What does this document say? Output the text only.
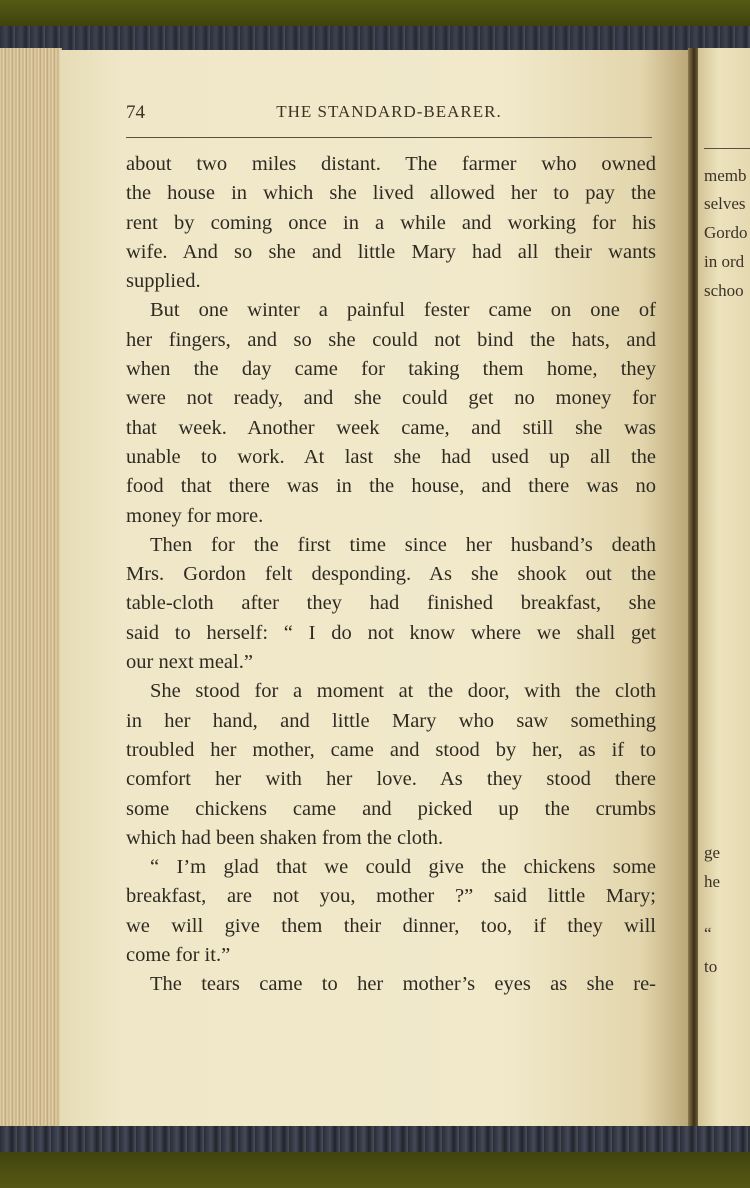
memb
selves
Gordo
in ord
schoo
ge
he
“
to
74	THE STANDARD-BEARER.

about two miles distant. The farmer who owned

the house in which she lived allowed her to pay the

rent by coming once in a while and working for his

wife. And so she and little Mary had all their wants

supplied.

But one winter a painful fester came on one of

her fingers, and so she could not bind the hats, and

when the day came for taking them home, they

were not ready, and she could get no money for

that week. Another week came, and still she was

unable to work. At last she had used up all the

food that there was in the house, and there was no

money for more.

Then for the first time since her husband’s death

Mrs. Gordon felt desponding. As she shook out the

table-cloth after they had finished breakfast, she

said to herself: “ I do not know where we shall get

our next meal.”

She stood for a moment at the door, with the cloth

in her hand, and little Mary who saw something

troubled her mother, came and stood by her, as if to

comfort her with her love. As they stood there

some chickens came and picked up the crumbs

which had been shaken from the cloth.

“ I’m glad that we could give the chickens some

breakfast, are not you, mother ?” said little Mary;

we will give them their dinner, too, if they will

come for it.”

The tears came to her mother’s eyes as she re-
